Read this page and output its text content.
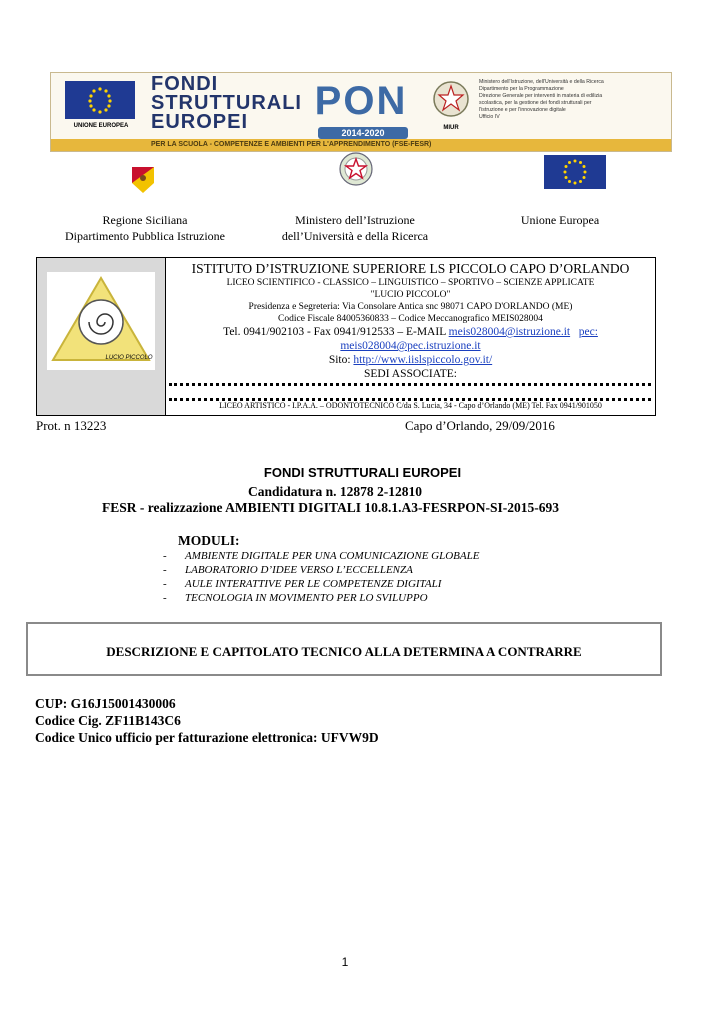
UNIONE EUROPEA
FONDI
STRUTTURALI
EUROPEI	PON
2014-2020	MIUR
Ministero dell'Istruzione, dell'Università e della Ricerca
Dipartimento per la Programmazione
Direzione Generale per interventi in materia di edilizia
scolastica, per la gestione dei fondi strutturali per
l'istruzione e per l'innovazione digitale
Ufficio IV
PER LA SCUOLA - COMPETENZE E AMBIENTI PER L'APPRENDIMENTO (FSE-FESR)
Regione Siciliana
Dipartimento Pubblica Istruzione
Ministero dell’Istruzione
dell’Università e della Ricerca
Unione Europea
LUCIO PICCOLO
ISTITUTO D’ISTRUZIONE SUPERIORE LS PICCOLO CAPO D’ORLANDO
LICEO SCIENTIFICO - CLASSICO – LINGUISTICO – SPORTIVO – SCIENZE APPLICATE
"LUCIO PICCOLO"
Presidenza e Segreteria: Via Consolare Antica snc 98071 CAPO D'ORLANDO (ME)
Codice Fiscale 84005360833 – Codice Meccanografico MEIS028004
Tel. 0941/902103 - Fax 0941/912533 – E-MAIL meis028004@istruzione.it pec:
meis028004@pec.istruzione.it
Sito: http://www.iislspiccolo.gov.it/
SEDI ASSOCIATE:
LICEO ARTISTICO - I.P.A.A. – ODONTOTECNICO C/da S. Lucia, 34 - Capo d’Orlando (ME) Tel. Fax 0941/901050
Prot. n 13223	Capo d’Orlando, 29/09/2016
FONDI STRUTTURALI EUROPEI
Candidatura n. 12878 2-12810
FESR - realizzazione AMBIENTI DIGITALI 10.8.1.A3-FESRPON-SI-2015-693
MODULI:
- AMBIENTE DIGITALE PER UNA COMUNICAZIONE GLOBALE
- LABORATORIO D’IDEE VERSO L’ECCELLENZA
- AULE INTERATTIVE PER LE COMPETENZE DIGITALI
- TECNOLOGIA IN MOVIMENTO PER LO SVILUPPO
DESCRIZIONE E CAPITOLATO TECNICO ALLA DETERMINA A CONTRARRE
CUP: G16J15001430006
Codice Cig. ZF11B143C6
Codice Unico ufficio per fatturazione elettronica: UFVW9D
1
